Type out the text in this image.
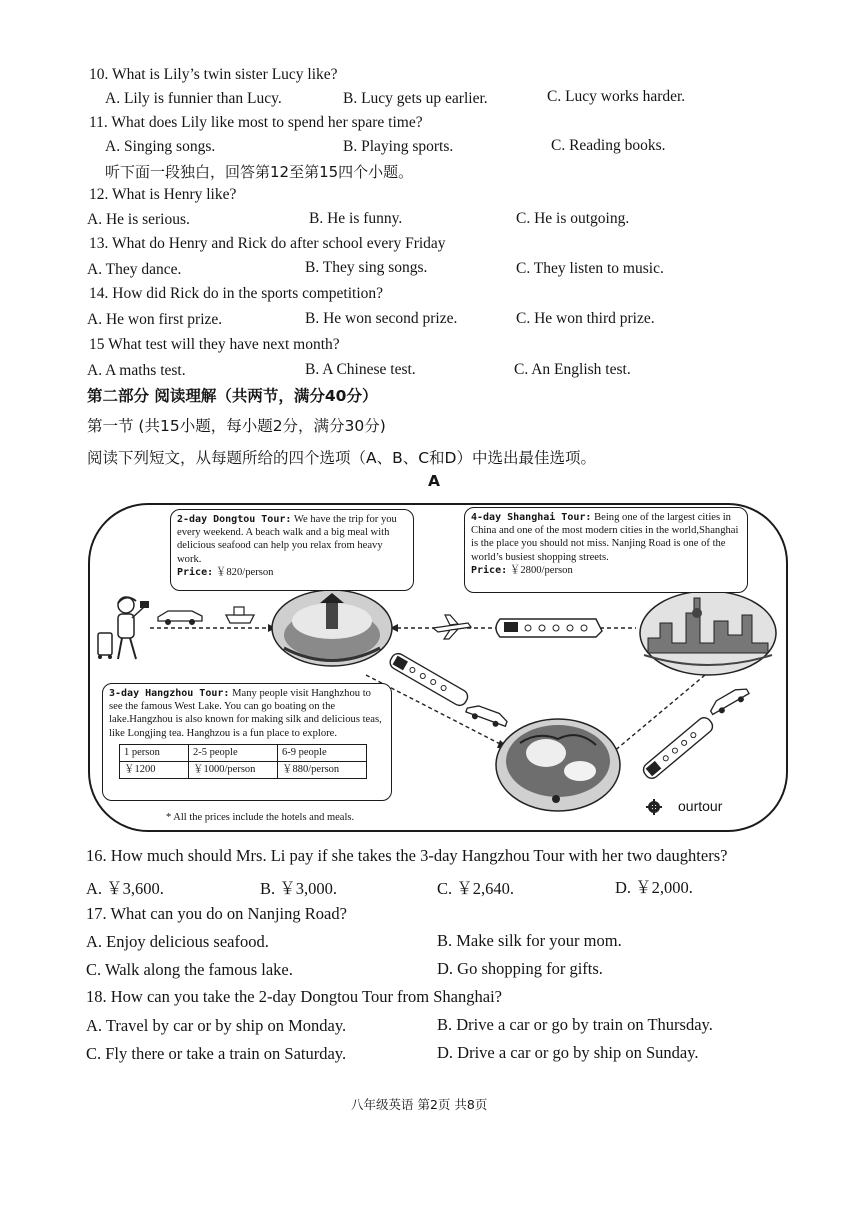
10. What is Lily’s twin sister Lucy like?
A. Lily is funnier than Lucy.	B. Lucy gets up earlier.	C. Lucy works harder.
11. What does Lily like most to spend her spare time?
A. Singing songs.	B. Playing sports.	C. Reading books.
听下面一段独白，回答第12至第15四个小题。
12. What is Henry like?
A. He is serious.	B. He is funny.	C. He is outgoing.
13. What do Henry and Rick do after school every Friday
A. They dance.	B. They sing songs.	C. They listen to music.
14. How did Rick do in the sports competition?
A. He won first prize.	B. He won second prize.	C. He won third prize.
15 What test will they have next month?
A. A maths test.	B. A Chinese test.	C. An English test.
第二部分 阅读理解（共两节，满分40分）
第一节 (共15小题，每小题2分，满分30分)
阅读下列短文，从每题所给的四个选项（A、B、C和D）中选出最佳选项。
A
2-day Dongtou Tour: We have the trip for you every weekend. A beach walk and a big meal with delicious seafood can help you relax from heavy work.
Price: ￥820/person
4-day Shanghai Tour: Being one of the largest cities in China and one of the most modern cities in the world,Shanghai is the place you should not miss. Nanjing Road is one of the world’s busiest shopping streets.
Price: ￥2800/person
3-day Hangzhou Tour: Many people visit Hanghzhou to see the famous West Lake. You can go boating on the lake.Hangzhou is also known for making silk and delicious teas, like Longjing tea. Hanghzou is a fun place to explore.
1 person	2-5 people	6-9 people
￥1200	￥1000/person	￥880/person
* All the prices include the hotels and meals.
ourtour
16. How much should Mrs. Li pay if she takes the 3-day Hangzhou Tour with her two daughters?
A. ￥3,600.	B. ￥3,000.	C. ￥2,640.	D. ￥2,000.
17. What can you do on Nanjing Road?
A. Enjoy delicious seafood.	B. Make silk for your mom.
C. Walk along the famous lake.	D. Go shopping for gifts.
18. How can you take the 2-day Dongtou Tour from Shanghai?
A. Travel by car or by ship on Monday.	B. Drive a car or go by train on Thursday.
C. Fly there or take a train on Saturday.	D. Drive a car or go by ship on Sunday.
八年级英语 第2页 共8页
